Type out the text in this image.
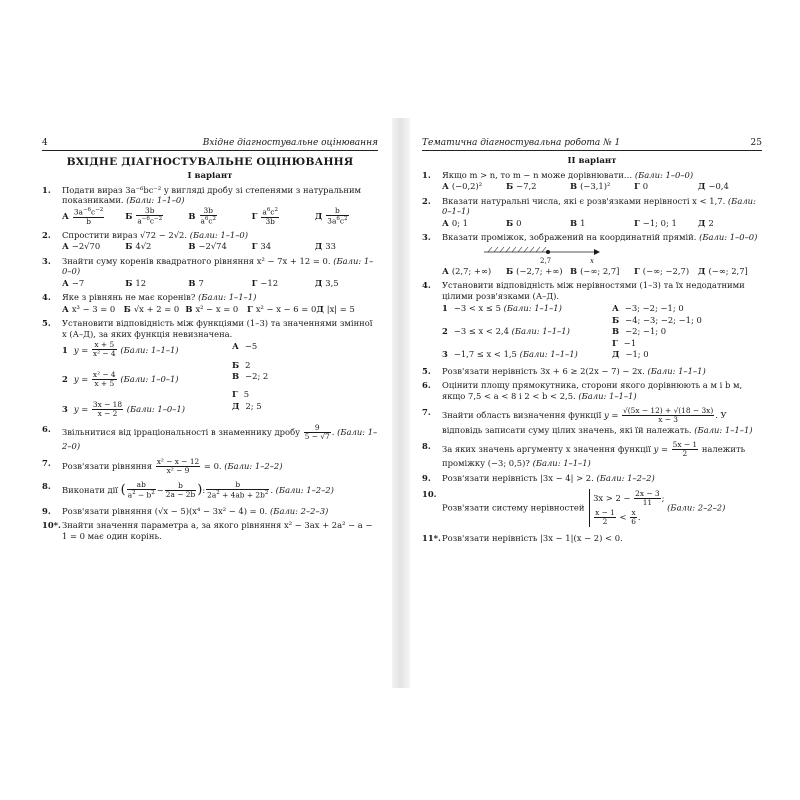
4	Вхідне діагностувальне оцінювання
ВХІДНЕ ДІАГНОСТУВАЛЬНЕ ОЦІНЮВАННЯ
І варіант
1. Подати вираз 3a⁻⁶bc⁻² у вигляді дробу зі степенями з натуральним показниками. (Бали: 1–1–0)
А $\frac{3a^{-6}c^{-2}}{b}$ Б $\frac{3b}{a^{-6}c^{-2}}$	В $\frac{3b}{a^6c^2}$	Г $\frac{a^6c^2}{3b}$	Д $\frac{b}{3a^6c^2}$
2. Спростити вираз √72 − 2√2. (Бали: 1–1–0)
А −2√70	Б 4√2	В −2√74	Г 34	Д 33
3. Знайти суму коренів квадратного рівняння x² − 7x + 12 = 0. (Бали: 1–0–0)
А −7	Б 12	В 7	Г −12	Д 3,5
4. Яке з рівнянь не має коренів? (Бали: 1–1–1)
А x³ − 3 = 0	Б √x + 2 = 0 В x² − x = 0	Г x² − x − 6 = 0 Д |x| = 5
5. Установити відповідність між функціями (1–3) та значеннями змінної x (А–Д), за яких функція невизначена.
1 $y = \frac{x + 5}{\text{x² − 4}}$
(Бали: 1–1–1)	А −5
Б 2
2 $y = \frac{\text{x² − 4}}{x + 5}$
(Бали: 1–0–1)	В −2; 2
Г 5
3 $y = \frac{3x - 18}{x - 2}$
(Бали: 1–0–1)	Д 2; 5
6. Звільнитися від ірраціональності в знаменнику дробу $\frac{9}{5 - √7}$ . (Бали: 1–2–0)
7. Розв'язати рівняння $\frac{\text{x² − x − 12}}{\text{x² − 9}} = 0$. (Бали: 1–2–2)
8. Виконати дії ( $\frac{ab}{a^2 - b^2} - \frac{b}{2a - 2b}$ ): $\frac{b}{2a^2 + 4ab + 2b^2}$ . (Бали: 1–2–2)
9. Розв'язати рівняння (√x − 5)(x⁴ − 3x² − 4) = 0. (Бали: 2–2–3)
10*. Знайти значення параметра a, за якого рівняння x² − 3ax + 2a² − a − 1 = 0 має один корінь.
Тематична діагностувальна робота № 1	25
ІІ варіант
1. Якщо m > n, то m − n може дорівнювати… (Бали: 1–0–0)
А (−0,2)²	Б −7,2	В (−3,1)²	Г 0	Д −0,4
2. Вказати натуральні числа, які є розв'язками нерівності x < 1,7. (Бали: 0–1–1)
А 0; 1	Б 0	В 1	Г −1; 0; 1	Д 2
3. Вказати проміжок, зображений на координатній прямій. (Бали: 1–0–0)
2,7	x
А (2,7; +∞)	Б (−2,7; +∞) В (−∞; 2,7]	Г (−∞; −2,7)	Д (−∞; 2,7]
4. Установити відповідність між нерівностями (1–3) та їх недодатними цілими розв'язками (А–Д).
1 −3 < x ≤ 5
(Бали: 1–1–1)	А −3; −2; −1; 0
Б −4; −3; −2; −1; 0
2 −3 ≤ x < 2,4
(Бали: 1–1–1)	В −2; −1; 0
Г −1
3 −1,7 ≤ x < 1,5
(Бали: 1–1–1)	Д −1; 0
5. Розв'язати нерівність 3x + 6 ≥ 2(2x − 7) − 2x. (Бали: 1–1–1)
6. Оцінити площу прямокутника, сторони якого дорівнюють a м і b м, якщо 7,5 < a < 8 і 2 < b < 2,5. (Бали: 1–1–1)
7. Знайти область визначення функції $y = \frac{√(5x - 12) + √(18 - 3x)}{x - 3}$ . У відповідь записати суму цілих значень, які їй належать. (Бали: 1–1–1)
8. За яких значень аргументу x значення функції $y = \frac{5x - 1}{2}$ належить проміжку (−3; 0,5)? (Бали: 1–1–1)
9. Розв'язати нерівність |3x − 4| > 2. (Бали: 1–2–2)
10.
Розв'язати систему нерівностей
$3x > 2 - \frac{2x - 3}{11}$ ;
$\frac{x - 1}{2} < \frac{x}{6}$ .
(Бали: 2–2–2)
11*. Розв'язати нерівність |3x − 1|(x − 2) < 0.
